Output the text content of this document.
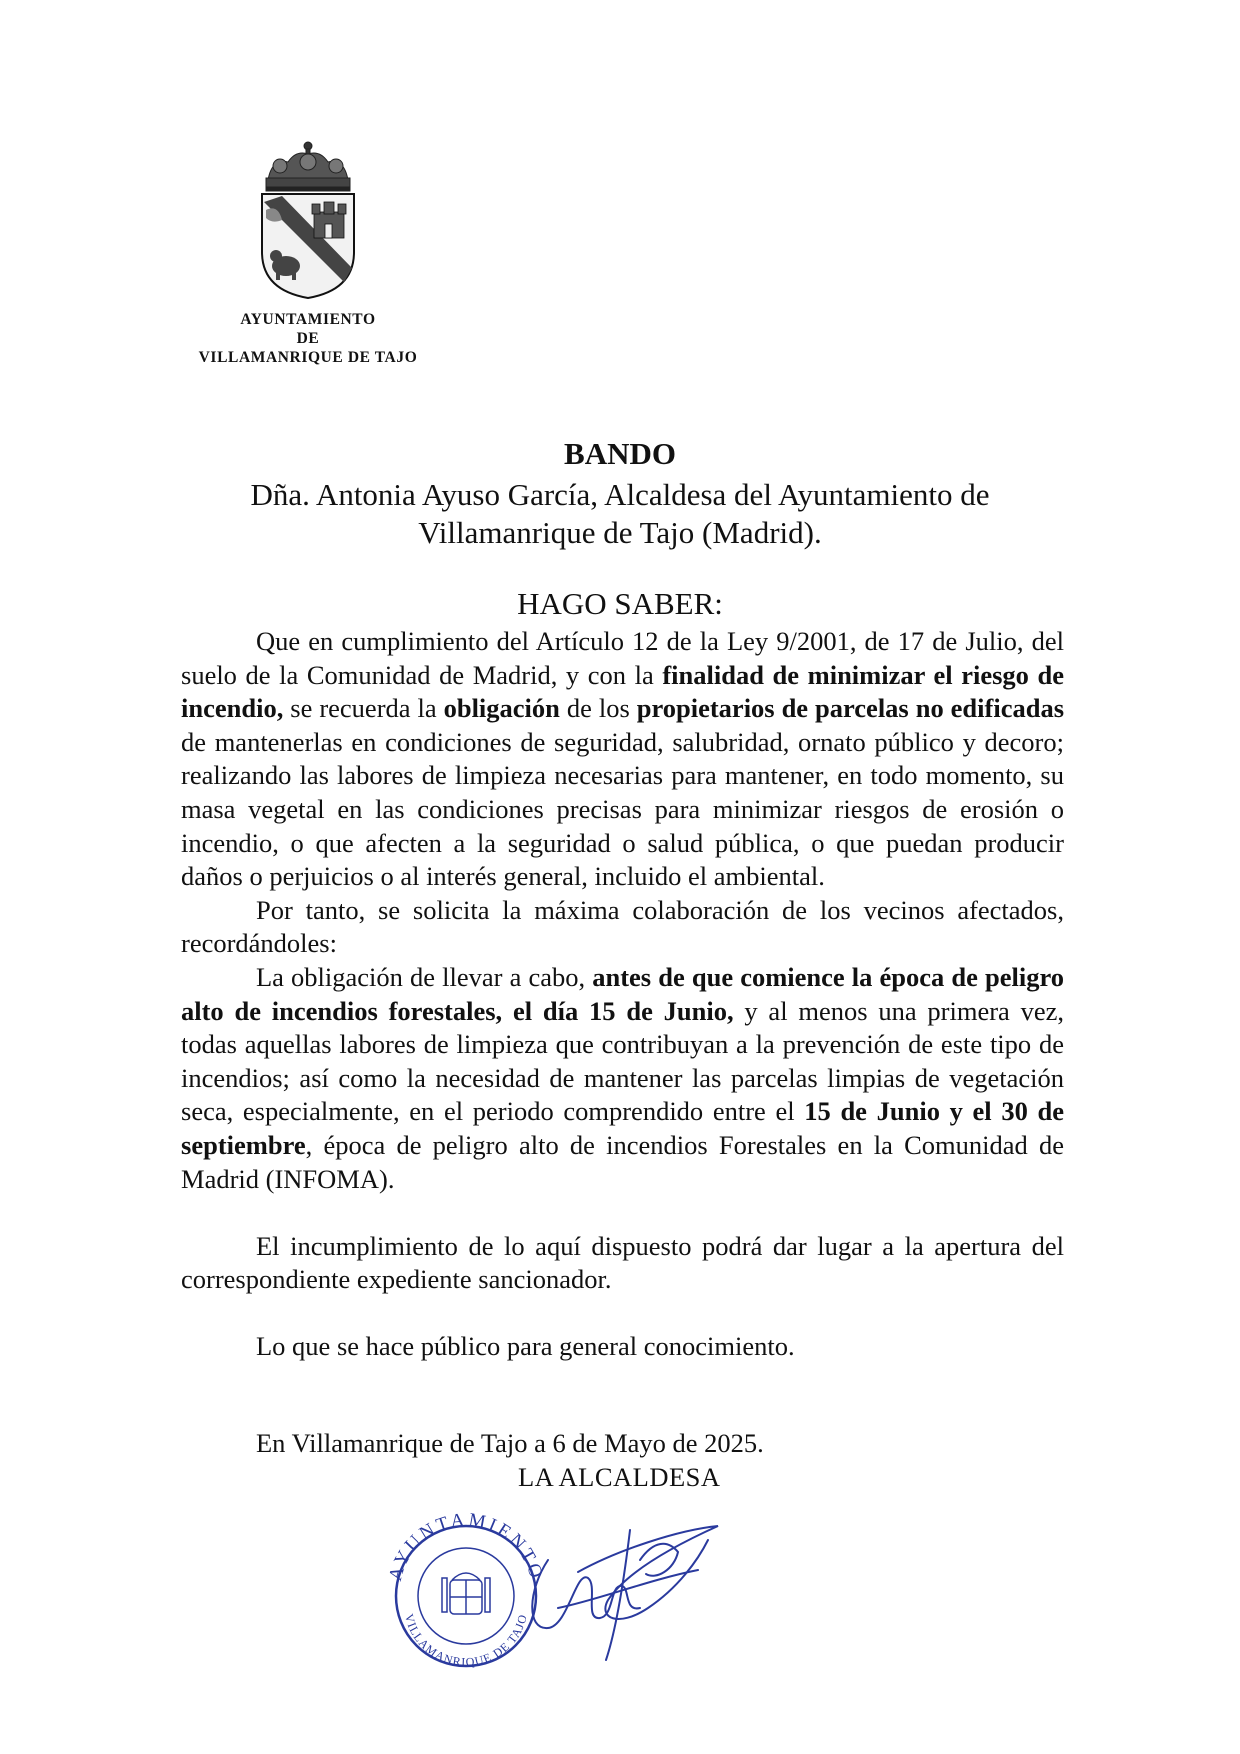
AYUNTAMIENTO
DE
VILLAMANRIQUE DE TAJO
BANDO
Dña. Antonia Ayuso García, Alcaldesa del Ayuntamiento de
Villamanrique de Tajo (Madrid).
HAGO SABER:

Que en cumplimiento del Artículo 12 de la Ley 9/2001, de 17 de Julio, del suelo de la Comunidad de Madrid, y con la finalidad de minimizar el riesgo de incendio, se recuerda la obligación de los propietarios de parcelas no edificadas de mantenerlas en condiciones de seguridad, salubridad, ornato público y decoro; realizando las labores de limpieza necesarias para mantener, en todo momento, su masa vegetal en las condiciones precisas para minimizar riesgos de erosión o incendio, o que afecten a la seguridad o salud pública, o que puedan producir daños o perjuicios o al interés general, incluido el ambiental.

Por tanto, se solicita la máxima colaboración de los vecinos afectados, recordándoles:

La obligación de llevar a cabo, antes de que comience la época de peligro alto de incendios forestales, el día 15 de Junio, y al menos una primera vez, todas aquellas labores de limpieza que contribuyan a la prevención de este tipo de incendios; así como la necesidad de mantener las parcelas limpias de vegetación seca, especialmente, en el periodo comprendido entre el 15 de Junio y el 30 de septiembre, época de peligro alto de incendios Forestales en la Comunidad de Madrid (INFOMA).

El incumplimiento de lo aquí dispuesto podrá dar lugar a la apertura del correspondiente expediente sancionador.

Lo que se hace público para general conocimiento.

En Villamanrique de Tajo a 6 de Mayo de 2025.
LA ALCALDESA
AYUNTAMIENTO
VILLAMANRIQUE DE TAJO
